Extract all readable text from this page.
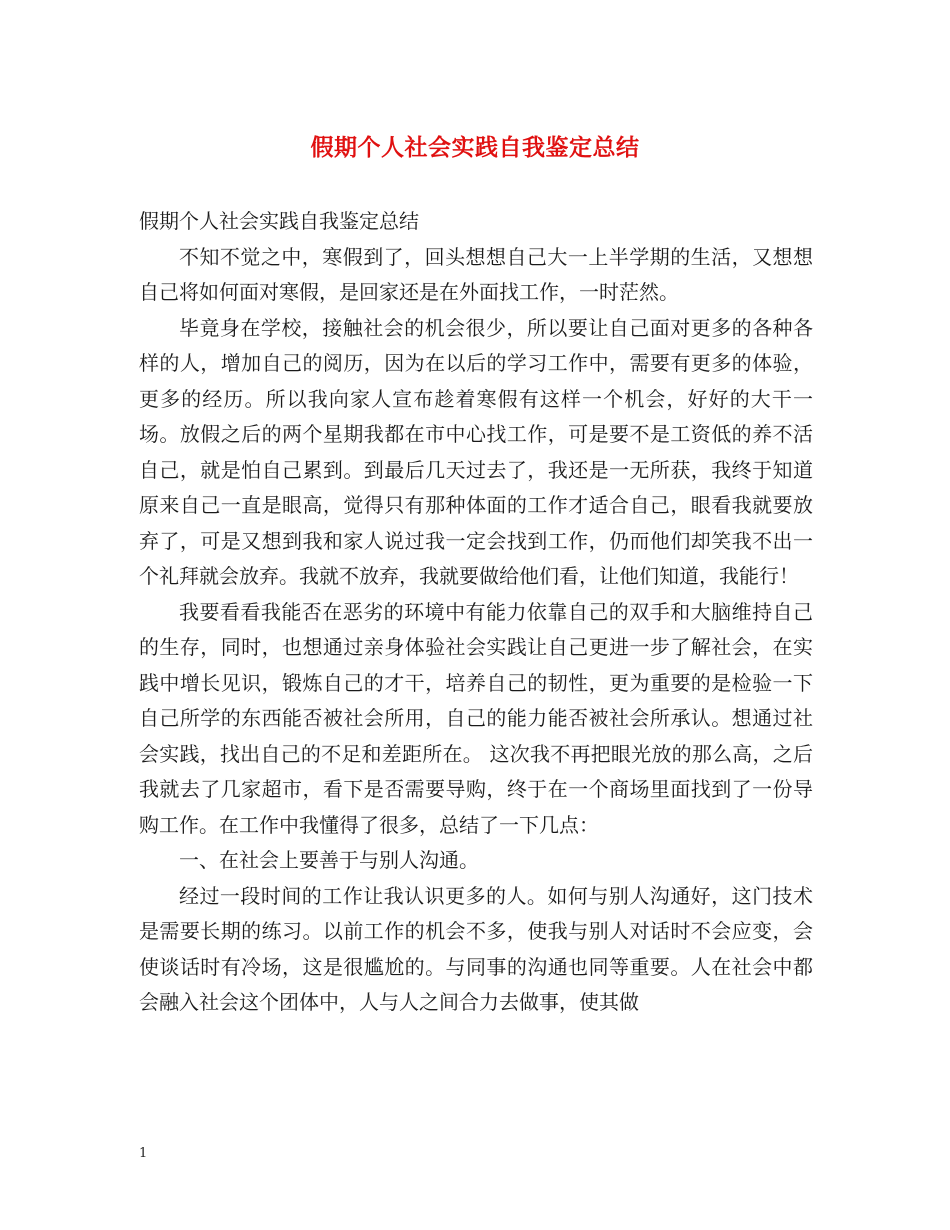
假期个人社会实践自我鉴定总结

假期个人社会实践自我鉴定总结

不知不觉之中，寒假到了，回头想想自己大一上半学期的生活，又想想自己将如何面对寒假，是回家还是在外面找工作，一时茫然。

毕竟身在学校，接触社会的机会很少，所以要让自己面对更多的各种各样的人，增加自己的阅历，因为在以后的学习工作中，需要有更多的体验，更多的经历。所以我向家人宣布趁着寒假有这样一个机会，好好的大干一场。放假之后的两个星期我都在市中心找工作，可是要不是工资低的养不活自己，就是怕自己累到。到最后几天过去了，我还是一无所获，我终于知道原来自己一直是眼高，觉得只有那种体面的工作才适合自己，眼看我就要放弃了，可是又想到我和家人说过我一定会找到工作，仍而他们却笑我不出一个礼拜就会放弃。我就不放弃，我就要做给他们看，让他们知道，我能行！

我要看看我能否在恶劣的环境中有能力依靠自己的双手和大脑维持自己的生存，同时，也想通过亲身体验社会实践让自己更进一步了解社会，在实践中增长见识，锻炼自己的才干，培养自己的韧性，更为重要的是检验一下自己所学的东西能否被社会所用，自己的能力能否被社会所承认。想通过社会实践，找出自己的不足和差距所在。 这次我不再把眼光放的那么高，之后我就去了几家超市，看下是否需要导购，终于在一个商场里面找到了一份导购工作。在工作中我懂得了很多，总结了一下几点：

一、在社会上要善于与别人沟通。

经过一段时间的工作让我认识更多的人。如何与别人沟通好，这门技术是需要长期的练习。以前工作的机会不多，使我与别人对话时不会应变，会使谈话时有冷场，这是很尴尬的。与同事的沟通也同等重要。人在社会中都会融入社会这个团体中，人与人之间合力去做事，使其做

1
